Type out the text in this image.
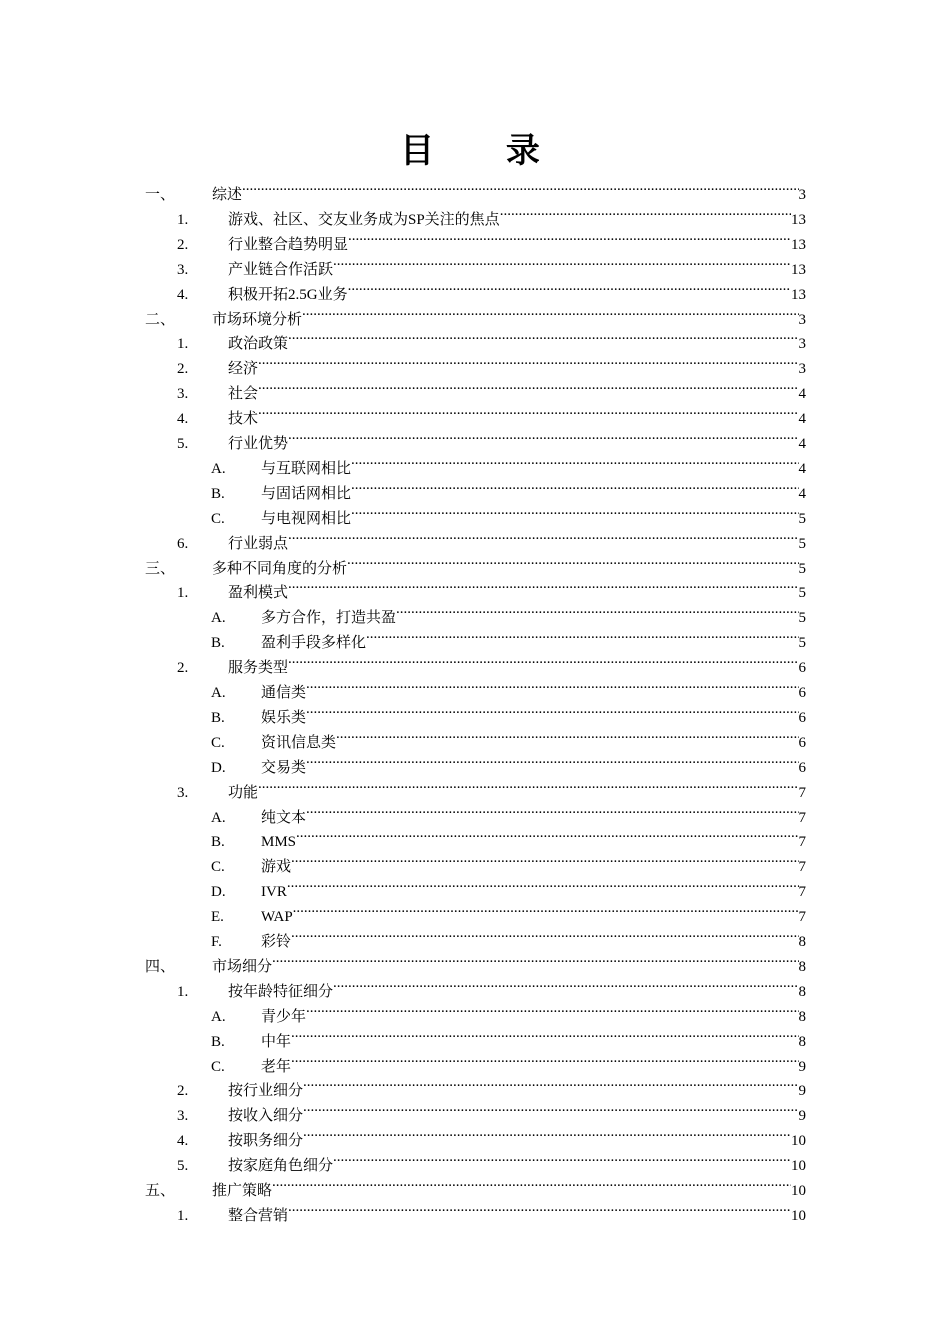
目 录
一、	综述 .....	3
1.	游戏、社区、交友业务成为SP关注的焦点 .....	13
2.	行业整合趋势明显 .....	13
3.	产业链合作活跃 .....	13
4.	积极开拓2.5G业务 .....	13
二、	市场环境分析 .....	3
1.	政治政策 .....	3
2.	经济 .....	3
3.	社会 .....	4
4.	技术 .....	4
5.	行业优势 .....	4
A.	与互联网相比 .....	4
B.	与固话网相比 .....	4
C.	与电视网相比 .....	5
6.	行业弱点 .....	5
三、	多种不同角度的分析 .....	5
1.	盈利模式 .....	5
A.	多方合作，打造共盈 .....	5
B.	盈利手段多样化 .....	5
2.	服务类型 .....	6
A.	通信类 .....	6
B.	娱乐类 .....	6
C.	资讯信息类 .....	6
D.	交易类 .....	6
3.	功能 .....	7
A.	纯文本 .....	7
B.	MMS .....	7
C.	游戏 .....	7
D.	IVR .....	7
E.	WAP .....	7
F.	彩铃 .....	8
四、	市场细分 .....	8
1.	按年龄特征细分 .....	8
A.	青少年 .....	8
B.	中年 .....	8
C.	老年 .....	9
2.	按行业细分 .....	9
3.	按收入细分 .....	9
4.	按职务细分 .....	10
5.	按家庭角色细分 .....	10
五、	推广策略 .....	10
1.	整合营销 .....	10
